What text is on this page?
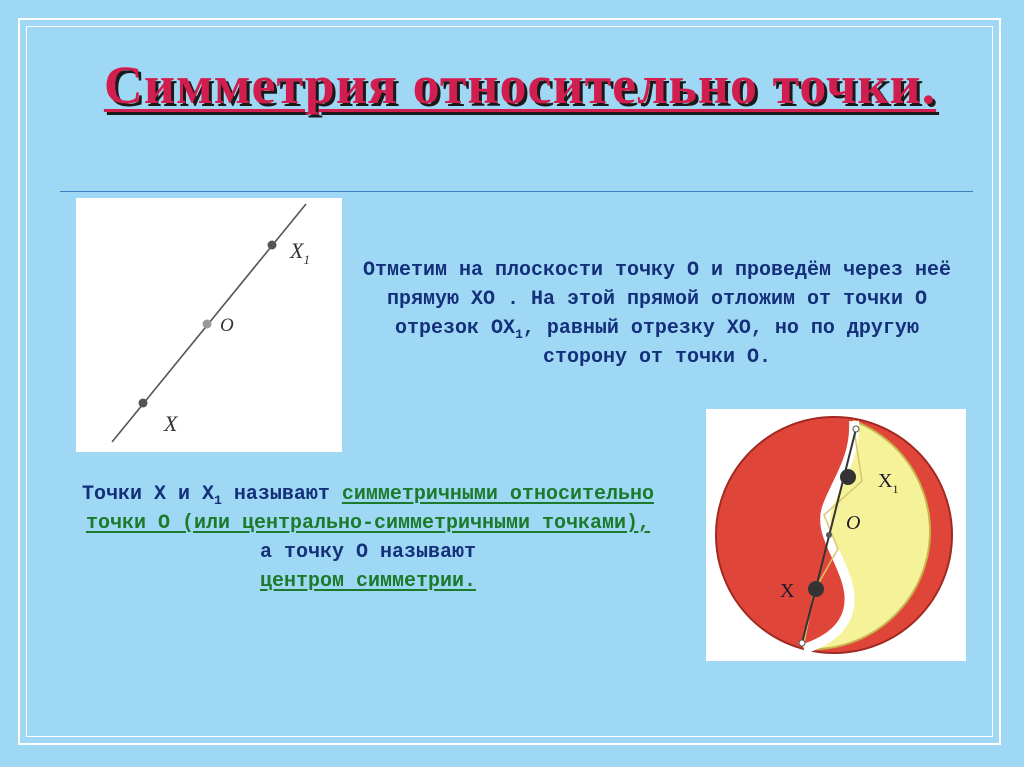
Симметрия относительно точки.
X
O
$X_1$	Отметим на плоскости точку О и проведём через неё прямую ХО . На этой прямой отложим от точки О отрезок $ОХ_1$, равный отрезку ХО, но по другую сторону от точки О.

Точки Х и $Х_1$ называют симметричными относительно точки О (или центрально-симметричными точками),
а точку О называют
центром симметрии.

$X_1$
O
X
